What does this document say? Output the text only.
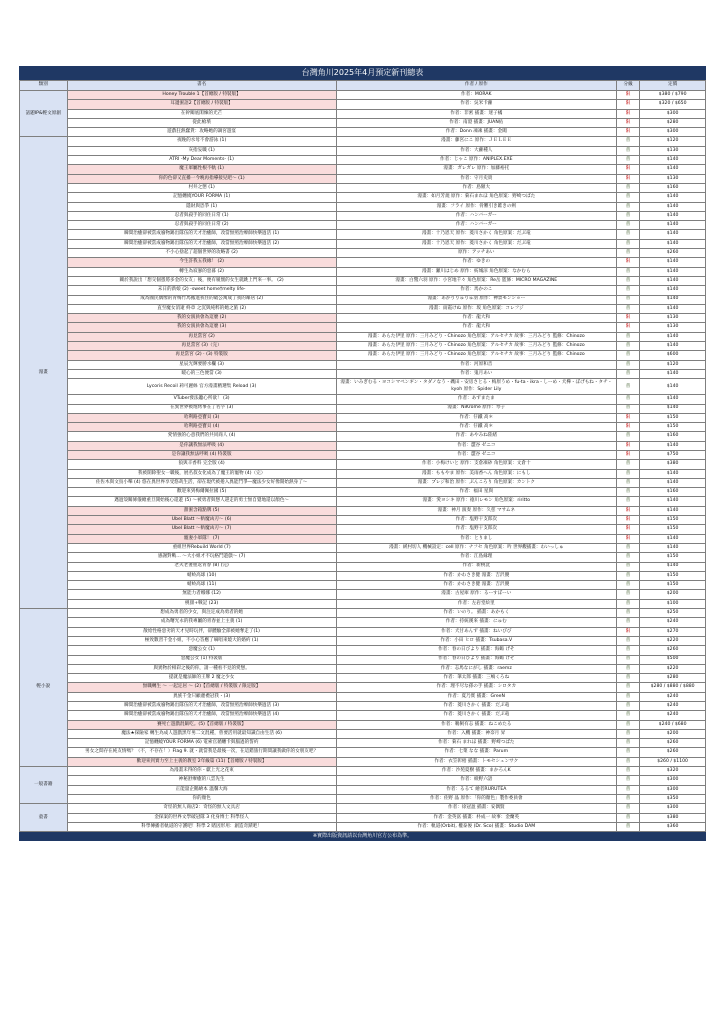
台灣角川2025年4月預定新刊總表
類別	書名	作者 / 原作	分級	定價
話題IP&輕文原創	Honey Trouble 1【首總版 / 特裝版】	作者：MORAK	限	$380 / $790
	耳邊蜜語2【首總版 / 特裝版】	作者：吳米卡蘿	限	$320 / $650
	在幹關底閑煉的光芒	作者：非密 插畫：迷子橘	限	$300
	從此槍墳	作者：南澄 插畫：JUAN佑	限	$280
	遊戲狂熱蠢貨：攻略她的調宮遊宴	作者：Donn 凍凍 插畫：金闖	限	$300
漫畫	夜晚的水母不會游泳 (1)	漫畫：藤宮にこ 原作：ＪＥＬＥＥ	普	$120
	灰指妄職 (1)	作者：大蘿種人	普	$130
	ATRI -My Dear Moments- (1)	作者：じゃこ 原作：ANIPLEX.EXE	普	$140
	魔王軍屬性根不軌 (1)	漫畫：ガレガレ 原作：加藤裕托	限	$140
	你的色卻又直播一今晚再指導接兒吧～ (1)	作者：守月史貴	限	$130
	村井之戀 (1)	作者：島額大	普	$160
	記憶纏繞YOUR FORMA (1)	漫畫：如月芳規 原作：菊石まれほ 角色原案：野崎つばた	普	$140
	隱財與恐爭 (1)	漫畫：フライ 原作：骨難引き錐きの剣	普	$140
	忍者與殺手的同住日常 (1)	作者：ハンバーガー	普	$140
	忍者與殺手的同住日常 (2)	作者：ハンバーガー	普	$140
	瞬間治癒卻被當成廢物踢出隊伍的天才治癒師，改當無照治療師快樂過活 (1)	漫畫：十乃恩天 原作：菱川さかく 角色原案：だぶ竜	普	$140
	瞬間治癒卻被當成廢物踢出隊伍的天才治癒師，改當無照治療師快樂過活 (2)	漫畫：十乃恩天 原作：菱川さかく 角色原案：だぶ竜	普	$140
	不小心捨起了超個世界的攻略書 (2)	原作：アッチあい	普	$260
	今生許我五我緣！ (2)	作者：ゆきの	限	$140
	轉生為寂寥的惡暮 (2)	漫畫：瀬川はじめ 原作：紡城涼 角色原案：なかむら	普	$140
	關於我說出「想交個憑將多金的女友」後，便有履懷的女生就跳上門來一事。 (2)	漫畫：白鷺六羽 原作：小宮地千々 角色原案：Re岳 監修：MICRO MAGAZINE	普	$140
	末日的新娘 (2) -sweet home†melty life-	作者：馬かのこ	普	$140
	成為國民偶像的青梅竹馬搬進我住的破公寓成了我的鄰居 (2)	漫畫：あかりりゅりゅ羽 原作：神景モンショー	普	$140
	直至魔女消逝 終章 之沉與純粹的她之旅 (2)	漫畫：雨霞けぬ 原作：坂 角色原案：コレフジ	普	$140
	我的女演員會為這麼 (2)	作者：龍大和	限	$130
	我的女演員會為這麼 (3)	作者：龍大和	限	$130
	再見當宮 (2)	漫畫：あらた伊里 原作：三月みどり・Chinozo 角色原案：アルセチカ 故事：三月みどり 監修：Chinozo	普	$140
	再見當宮 (3)（完）	漫畫：あらた伊里 原作：三月みどり・Chinozo 角色原案：アルセチカ 故事：三月みどり 監修：Chinozo	普	$140
	再見當宮 (2) · (3) 特裝版	漫畫：あらた伊里 原作：三月みどり・Chinozo 角色原案：アルセチカ 故事：三月みどり 監修：Chinozo	普	$600
	星辰光輝要勝水欄 (3)	作者：河原和音	普	$120
	暖心的三色便當 (3)	作者：鬼月あい	普	$140
	Lycoris Recoil 莉可麗絲 官方漫畫精選集 Reload (3)	漫畫：いみぎむる・ヨコシマペンギン・タダノなう・磯田・安房さとる・梅原うめ・fu-ta・ikra・しーめ・犬樺・ぼげもね・タチ・kyoh 原作：Spider Lily	普	$140
	VTuber發法聽心所欲！ (3)	作者：あずまたま	普	$140
	在異世界被炮烤事在了名字 (3)	漫畫：NiKrome 原作：琴子	普	$140
	哈利路亞寶貝 (3)	作者：仔鐵 高＊	限	$150
	哈利路亞寶貝 (4)	作者：仔鐵 高＊	限	$150
	愛情強的心意我們的共同商人 (4)	作者：あやみね陸緒	普	$160
	是你讓我無法呼吸 (4)	作者：澀谷 ゼニコ	限	$140
	是你讓我無法呼吸 (4) 特裝版	作者：澀谷 ゼニコ	限	$750
	狼與辛香料 完全版 (4)	作者：小梅けいと 原作：支倉凍砂 角色原案：文倉十	普	$380
	我被開除聖女一職後，展名叔女化成為了魔王的寵物 (4)（完）	漫畫：ももやま 原作：美雨香へん 角色原案：にもし	普	$140
	佐佐木與文鳥小嗶 (4) 悠在異世界享受悠哉生活，卻在現代被捲入異能鬥爭—魔法少女好像開始熱身了～	漫畫：プレジ和治 原作：ぶんころり 角色原案：カントク	普	$140
	歡迎來到梅爾佩拉國 (5)	作者：福田 星與	普	$160
	邁過殼關條儀總重旦開始後心還遊 (5) ～被勇者與戀人趕走的勇士無自覺地還以顏色～	漫畫：愛ヨシキ 原作：徳川レモン 角色原案：riritto	普	$140
	甜蜜含箱點牌 (5)	漫畫：神月 演奏 原作：久慈 マサムネ	限	$140
	Ubel Blatt ～斬魔凶刃～ (6)	作者：塩野干支郎次	限	$150
	Ubel Blatt ～斬魔凶刃～ (7)	作者：塩野干支郎次	限	$150
	寵妻小軍隊！ (7)	作者：とりまし	限	$140
	重組世界Rebuild World (7)	漫畫：緩村切人 機械設定：cell 原作：ナフセ 角色原案：吟 世界觀插畫：わいっしゅ	普	$140
	感謝對戰… ～大小姐才不玩格鬥遊戲～ (7)	作者：江島縁理	普	$150
	老夫老妻重返青春 (8) (完)	作者：新桃洸	普	$140
	蜻蛉高球 (10)	作者：かわさき健 漫畫：吉沢優	普	$150
	蜻蛉高球 (11)	作者：かわさき健 漫畫：吉沢優	普	$150
	無能力者娜娜 (12)	漫畫：古屋庫 原作：るーすぼーい	普	$200
	桃甜+戰記 (23)	作者：左岩堂絵里	普	$100
輕小說	想成為勇者的少女，與注定成為勇者的她	作者：いのり。 插畫：あかもく	普	$250
	成為曙光永的我專屬的青春並上主義 (1)	作者：持統漢來 插畫：にゅむ	普	$240
	散給性格惡劣的天才兒時玩伴，卻體驗全部被她奪走了(1)	作者：犬甘あんず 插畫：ねいびび	限	$270
	極致數習千金小姐，不小心答應了嘀唱來燒大的婚約 (1)	作者：小田 ヒロ 插畫：Tsubasa.V	普	$220
	惡魔公女 (1)	作者：春の日びより 插畫：海鶴 げそ	普	$260
	惡魔公女 (1) 特裝版	作者：春の日びより 插畫：海鶴 げそ	普	$500
	與異物於相彩之後的你，請一種看不見的愛戀。	作者：志馬なにがし 插畫：raemz	普	$220
	提就是魔法師的王牌 2 魔之少女	作者：筆太郎 插畫：三嶋くろね	普	$280
	無職轉生 ～ 一起定居 ～ (2)【首總版 / 特裝版 / 限定版】	作者：理不尽な孫の手 插畫：シロタカ	普	$280 / $880 / $880
	異族千金只顧慮禮冠我・(3)	作者：夏乃實 插畫：GreeN	普	$240
	瞬間治癒卻被當成廢物踢出隊伍的天才治癒師，改當無照治療師快樂過活 (3)	作者：菱川さかく 插畫：だぶ竜	普	$240
	瞬間治癒卻被當成廢物踢出隊伍的天才治癒師，改當無照治療師快樂過活 (4)	作者：菱川さかく 插畫：だぶ竜	普	$240
	賽死亡遊戲混飯吃。(5)【首總版 / 特裝版】	作者：鵜飼有志 插畫：ねこめたる	普	$240 / $680
	魔法★探險家 轉生為成人遊戲黑年男二文混種，曾要活用就最知識自由生活 (6)	作者：入機 插畫：神奈月 昇	普	$200
	記憶纏繞YOUR FORMA (6) 電索官循纏卡與腦過的誓約	作者：菊石 まれほ 插畫：野崎つばた	普	$260
	男女之間存在純友情嗎？（不，不存在！）Flag 9. 就・就當我是最後一次，在這錯旅行期間讓我做你的女朋友吧？	作者：七菜 なな 插畫：Parum	普	$260
	歡迎來到實力至上主義的教室 2年級篇 (11)【首總版 / 特裝版】	作者：衣笠彰梧 插畫：トモセシュンサク	普	$260 / $1100
一般書籍	為漫畫未得的你・獻上光之花束	作者：沙苑夏樹 插畫：まかろんK	普	$320
	神秘舒療癒的八雲先生	作者：綾野六語	普	$300
	正能量企鵝繪本 溫馨大海	作者：るるて 繪者RURUTEA	普	$300
	你的顏色	作者：佐野 晶 原作：「你的顏色」製作委員會	普	$350
童書	奇怪的無人商店2：奇怪的無人文具店	作者：徐冠盈 插畫：安偶賢	普	$300
	金探案的世界文學破冠隊 3 化身博士 科學怪人	作者：金英富 插畫：朴成一 故事：金蘭英	普	$380
	科學傳播者軌道的守護吧！科學 2 賭因形用：創造奇蹟吧！	作者：軌道(Orbit), 權泰俊 (Dr. Sco) 插畫：Studio DAM	普	$360
※實際出版資訊請以台灣角川官方公布為準。
